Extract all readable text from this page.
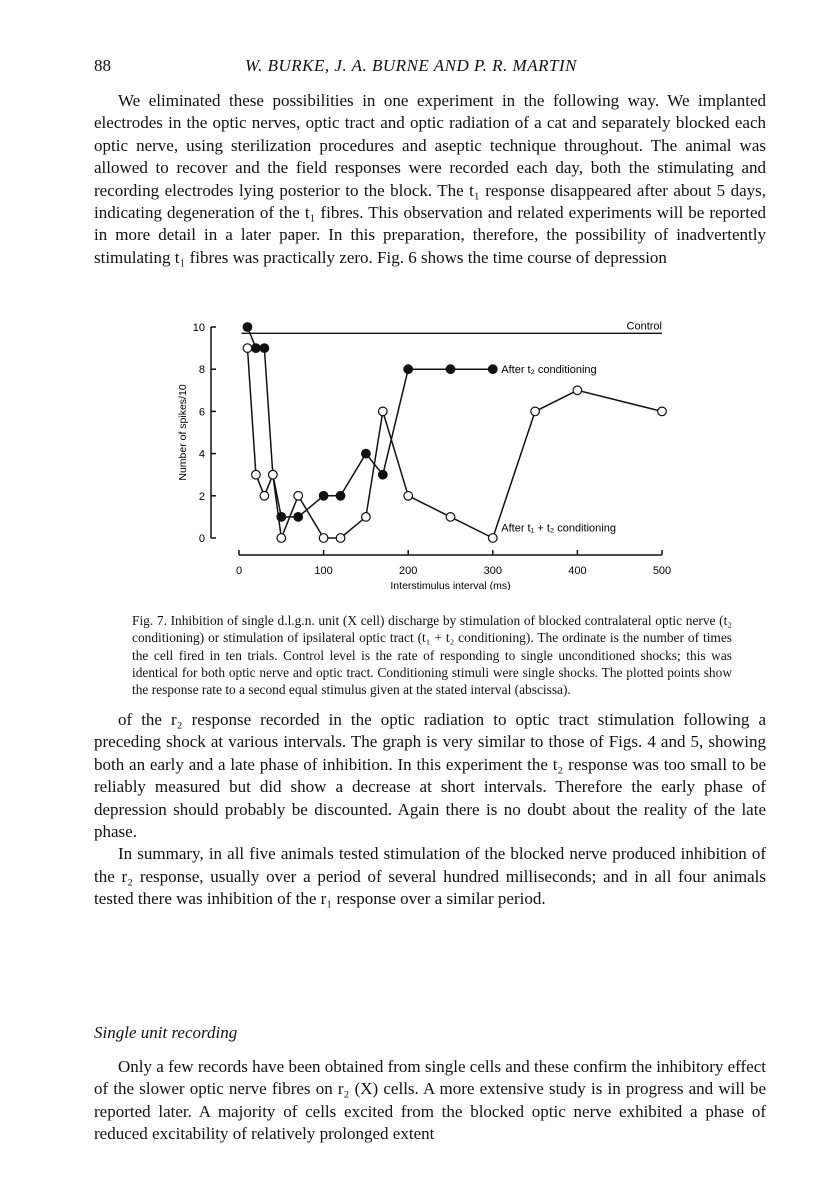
88	W. BURKE, J. A. BURNE AND P. R. MARTIN

We eliminated these possibilities in one experiment in the following way. We implanted electrodes in the optic nerves, optic tract and optic radiation of a cat and separately blocked each optic nerve, using sterilization procedures and aseptic technique throughout. The animal was allowed to recover and the field responses were recorded each day, both the stimulating and recording electrodes lying posterior to the block. The t₁ response disappeared after about 5 days, indicating degeneration of the t₁ fibres. This observation and related experiments will be reported in more detail in a later paper. In this preparation, therefore, the possibility of inadvertently stimulating t₁ fibres was practically zero. Fig. 6 shows the time course of depression

0
2
4
6
8
10
0	100	200	300	400	500
Interstimulus interval (ms)
Number of spikes/10
Control
After t₂ conditioning
After t₁ + t₂ conditioning
Fig. 7. Inhibition of single d.l.g.n. unit (X cell) discharge by stimulation of blocked contralateral optic nerve (t₂ conditioning) or stimulation of ipsilateral optic tract (t₁ + t₂ conditioning). The ordinate is the number of times the cell fired in ten trials. Control level is the rate of responding to single unconditioned shocks; this was identical for both optic nerve and optic tract. Conditioning stimuli were single shocks. The plotted points show the response rate to a second equal stimulus given at the stated interval (abscissa).

of the r₂ response recorded in the optic radiation to optic tract stimulation following a preceding shock at various intervals. The graph is very similar to those of Figs. 4 and 5, showing both an early and a late phase of inhibition. In this experiment the t₂ response was too small to be reliably measured but did show a decrease at short intervals. Therefore the early phase of depression should probably be discounted. Again there is no doubt about the reality of the late phase.

In summary, in all five animals tested stimulation of the blocked nerve produced inhibition of the r₂ response, usually over a period of several hundred milliseconds; and in all four animals tested there was inhibition of the r₁ response over a similar period.

Single unit recording

Only a few records have been obtained from single cells and these confirm the inhibitory effect of the slower optic nerve fibres on r₂ (X) cells. A more extensive study is in progress and will be reported later. A majority of cells excited from the blocked optic nerve exhibited a phase of reduced excitability of relatively prolonged extent
